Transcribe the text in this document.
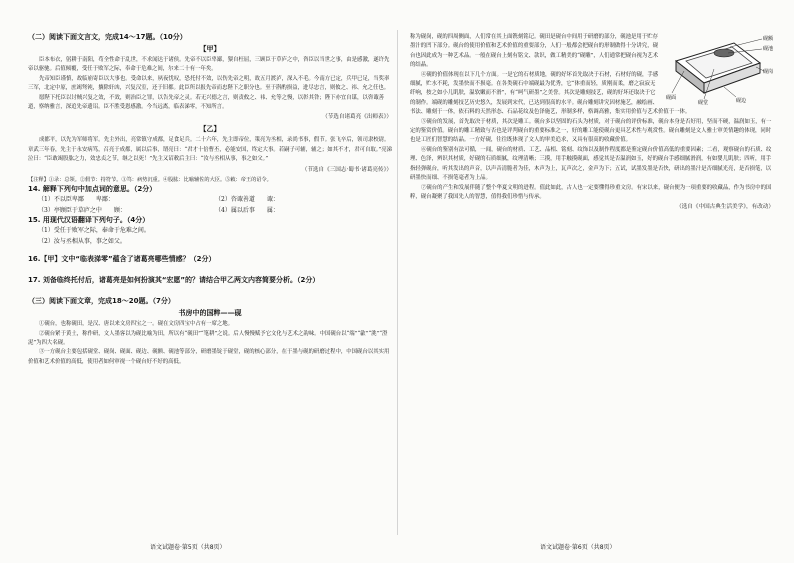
（二）阅读下面文言文，完成14～17题。（10分）

【甲】

臣本布衣，躬耕于南阳，苟全性命于乱世，不求闻达于诸侯。先帝不以臣卑鄙，猥自枉屈，三顾臣于草庐之中，咨臣以当世之事，由是感激，遂许先帝以驱驰。后值倾覆，受任于败军之际，奉命于危难之间，尔来二十有一年矣。

先帝知臣谨慎，故临崩寄臣以大事也。受命以来，夙夜忧叹，恐托付不效，以伤先帝之明，故五月渡泸，深入不毛。今南方已定，兵甲已足，当奖率三军，北定中原，庶竭驽钝，攘除奸凶，兴复汉室，还于旧都。此臣所以报先帝而忠陛下之职分也。至于斟酌损益，进尽忠言，则攸之、祎、允之任也。

愿陛下托臣以讨贼兴复之效，不效，则治臣之罪，以告先帝之灵。若无兴德之言，则责攸之、祎、允等之慢，以彰其咎；陛下亦宜自谋，以咨诹善道，察纳雅言，深追先帝遗诏。臣不胜受恩感激。今当远离，临表涕零，不知所言。

（节选自诸葛亮《出师表》）

【乙】

成都平，以先为军师将军。先主外出，亮常镇守成都，足食足兵。二十六年，先主即帝位，策亮为丞相，录尚书事，假节。张飞卒后，领司隶校尉。章武三年春，先主于永安病笃，召亮于成都，属以后事，谓亮曰：“君才十倍曹丕，必能安国，终定大事。若嗣子可辅，辅之；如其不才，君可自取。”亮涕泣曰：“臣敢竭股肱之力，效忠贞之节，继之以死！”先主又诏敕后主曰：“汝与丞相从事，事之如父。”

（节选自《三国志·蜀书·诸葛亮传》）

【注释】①录：总领。②假节：持符节。③笃：病势沉重。④股肱：比喻辅佐的大臣。⑤敕：帝王的诏令。

14. 解释下列句中加点词的意思。（2分）

（1）不以臣卑鄙　　卑鄙：	（2）咨诹善道　　诹：
（3）亭顾臣于草庐之中　　顾：	（4）属以后事　　属：

15. 用现代汉语翻译下列句子。（4分）

（1）受任于败军之际，奉命于危难之间。
（2）汝与丞相从事，事之如父。

16.【甲】文中“临表涕零”蕴含了诸葛亮哪些情感？（2分）

17. 刘备临终托付后，诸葛亮是如何扮演其“宏愿”的？请结合甲乙两文内容简要分析。（2分）

（三）阅读下面文章，完成18～20题。（7分）

书房中的国粹——砚

①砚台，也称砚田，是汉、唐以来文房四宝之一。砚在文房四宝中占有一席之地。

②砚台紧于黄土，称作研，文人墨客以为砚比喻为田，所以有“砚田”“笔耕”之说。后人慢慢赋予它文化与艺术之韵味。中国砚台以“端”“歙”“洮”“澄泥”为四大名砚。

③一方砚台主要包括砚堂、砚岗、砚面、砚边、砚额、砚池等部分，研磨墨锭于砚堂，砚的核心部分，在于墨与砚的研磨过程中，中国砚台以其实用价值和艺术价值的高低，使用者如何审视一个砚台好不好的高低。

砚额
砚池
砚岗
砚边
砚面
砚堂

称为砚岗，砚的四周侧面，人们常在其上面镌刻铭记。砚田是砚台中间用于研磨的部分，砚池是用于贮存墨汁的凹下部分。砚台的使用价值和艺术价值的重要部分，人们一般都会把砚台的形制做得十分讲究，砚台也因此成为一种艺术品。一般在砚台上刻有铭文、款识，做工精美的“砚雕”，人们通常把砚台视为艺术的结晶。

④砚的价值体现在以下几个方面。一是它的石材质地，砚的好坏首先取决于石材，石材好的砚，手感细腻，贮水不耗，发墨快而不损毫。在各类砚石中端砚最为优秀，它“体重而轻，质刚而柔，磨之寂寂无纤响，按之如小儿肌肤，温软嫩而不滑”，有“呵气研墨”之美誉。其次是雕刻技艺，砚的好坏还取决于它的制作。端砚的雕刻技艺历史悠久，发展到宋代，已达到很高的水平。砚台雕刻讲究因材施艺，融绘画、书法、雕刻于一体，依石料的天然形态、石品花纹及色泽施艺，形制多样，格调高雅，集实用价值与艺术价值于一体。

⑤砚台的发展，首先取决于材质，其次是雕工。砚台多以坚固的石头为材质，对于砚台的评价标准，砚台本身是否好用，坚而不硬，温润如玉，有一定的鉴赏价值。砚台的雕工精致与否也是评判砚台的重要标准之一，好的雕工能使砚台更具艺术性与观赏性。砚台雕刻是文人雅士审美情趣的体现，同时也是工匠们智慧的结晶。一方好砚，往往既体现了文人的审美追求，又具有很高的收藏价值。

⑥砚台的鉴别有法可循，一闻，砚台的材质、工艺、品相、铭刻、纹饰以及制作程度都是鉴定砚台价值高低的重要因素；二看，观察砚台的石质、纹理、色泽，辨识其材质，好砚的石质细腻，纹理清晰；三摸，用手触摸砚面，感觉其是否温润如玉，好的砚台手感细腻滑润，有如婴儿肌肤；四听，用手指轻弹砚台，听其发出的声音，以声音清脆者为佳，木声为上，瓦声次之，金声为下；五试，试墨发墨是否快，研出的墨汁是否细腻光亮，是否损笔，以研墨快而细、不损笔毫者为上品。

⑦砚台的产生和发展伴随了整个华夏文明的进程。值此如此，古人也一定要懂得珍重文房。有宋以来，砚台便为一项重要的收藏品，作为书房中的国粹，砚台凝聚了我国先人的智慧，值得我们珍惜与传承。

（选自《中国古典生活美学》，有改动）

语文试题卷·第5页（共8页）	语文试题卷·第6页（共8页）
